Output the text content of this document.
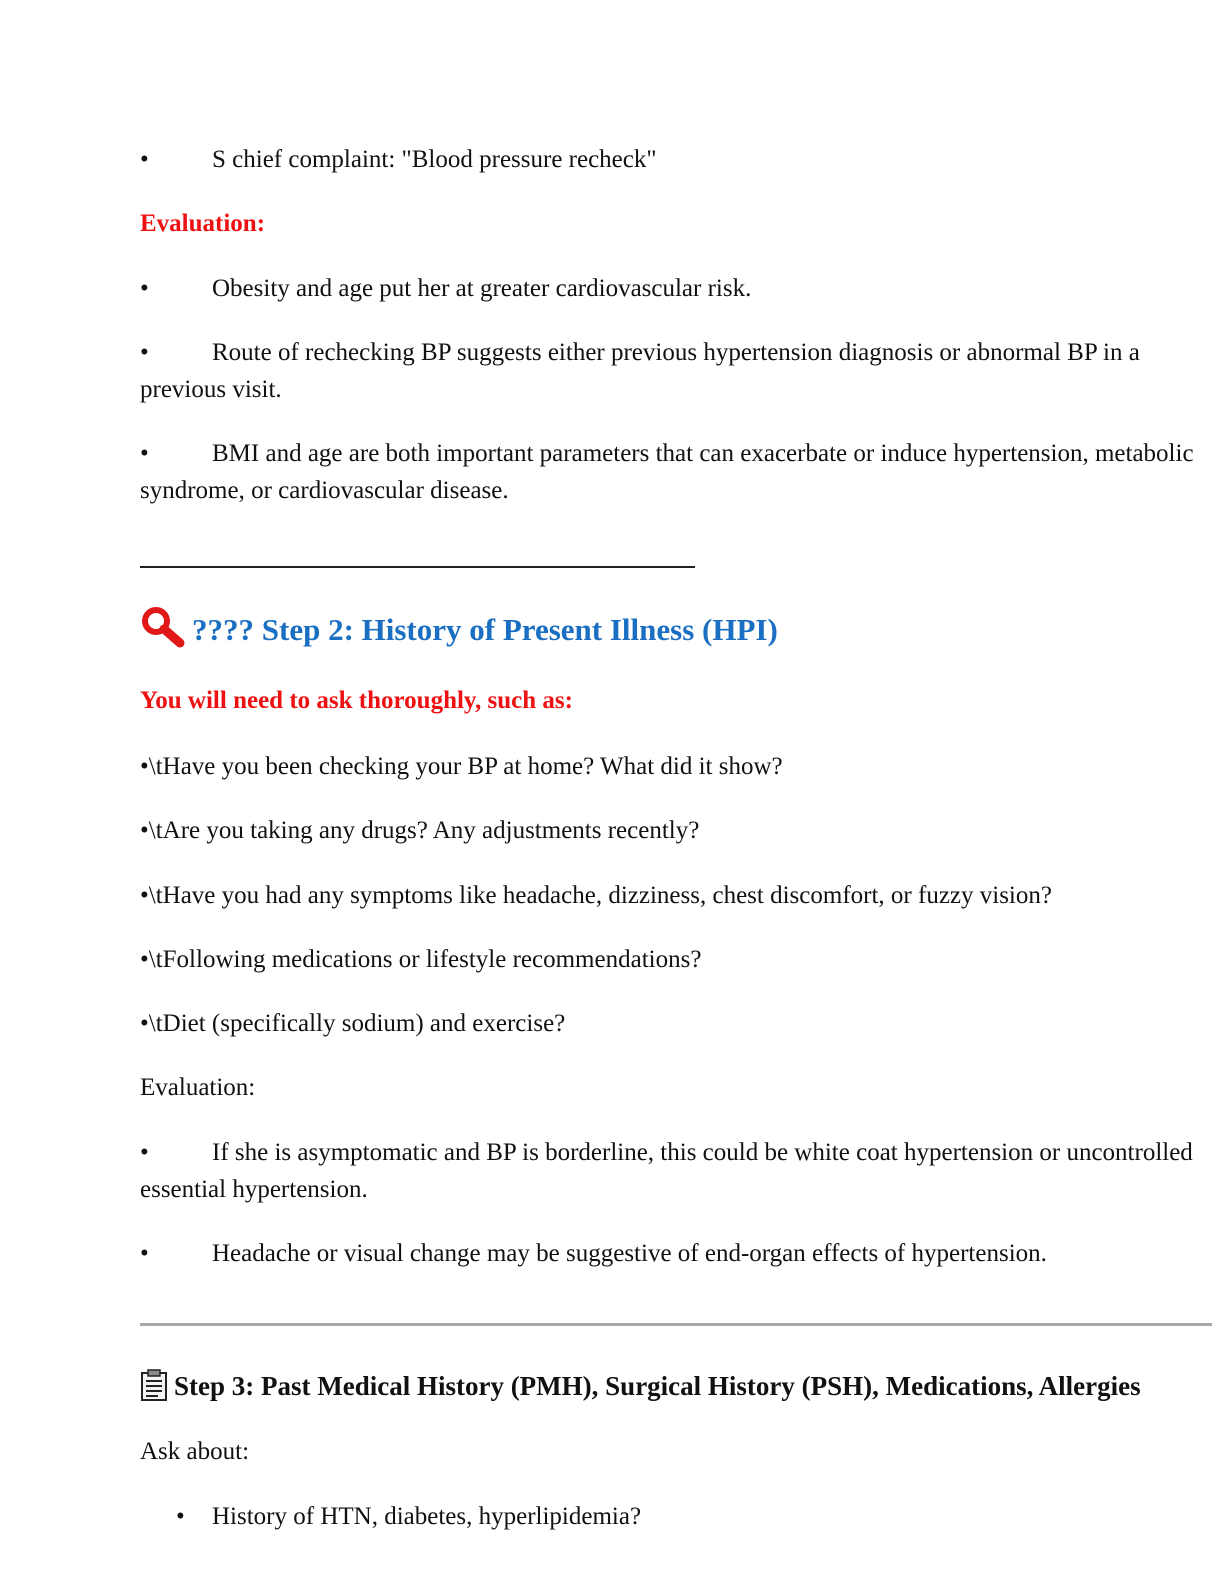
•	S chief complaint: "Blood pressure recheck"
Evaluation:
•	Obesity and age put her at greater cardiovascular risk.
•	Route of rechecking BP suggests either previous hypertension diagnosis or abnormal BP in a previous visit.
•	BMI and age are both important parameters that can exacerbate or induce hypertension, metabolic syndrome, or cardiovascular disease.
???? Step 2: History of Present Illness (HPI)
You will need to ask thoroughly, such as:
•\tHave you been checking your BP at home? What did it show?
•\tAre you taking any drugs? Any adjustments recently?
•\tHave you had any symptoms like headache, dizziness, chest discomfort, or fuzzy vision?
•\tFollowing medications or lifestyle recommendations?
•\tDiet (specifically sodium) and exercise?
Evaluation:
•	If she is asymptomatic and BP is borderline, this could be white coat hypertension or uncontrolled essential hypertension.
•	Headache or visual change may be suggestive of end-organ effects of hypertension.
Step 3: Past Medical History (PMH), Surgical History (PSH), Medications, Allergies
Ask about:
• History of HTN, diabetes, hyperlipidemia?
